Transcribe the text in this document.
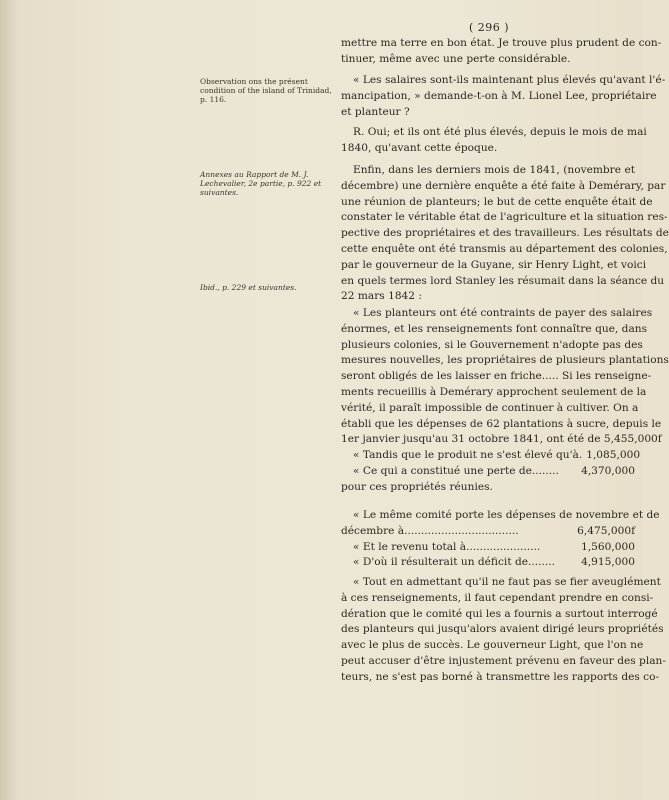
( 296 )
Observation ons the présent condition of the island of Trinidad, p. 116.
Annexes au Rapport de M. J. Lechevalier, 2e partie, p. 922 et suivantes.
Ibid., p. 229 et suivantes.
mettre ma terre en bon état. Je trouve plus prudent de con-
tinuer, même avec une perte considérable.
« Les salaires sont-ils maintenant plus élevés qu'avant l'é-
mancipation, » demande-t-on à M. Lionel Lee, propriétaire
et planteur ?
R. Oui; et ils ont été plus élevés, depuis le mois de mai
1840, qu'avant cette époque.
Enfin, dans les derniers mois de 1841, (novembre et
décembre) une dernière enquête a été faite à Demérary, par
une réunion de planteurs; le but de cette enquête était de
constater le véritable état de l'agriculture et la situation res-
pective des propriétaires et des travailleurs. Les résultats de
cette enquête ont été transmis au département des colonies,
par le gouverneur de la Guyane, sir Henry Light, et voici
en quels termes lord Stanley les résumait dans la séance du
22 mars 1842 :
« Les planteurs ont été contraints de payer des salaires
énormes, et les renseignements font connaître que, dans
plusieurs colonies, si le Gouvernement n'adopte pas des
mesures nouvelles, les propriétaires de plusieurs plantations
seront obligés de les laisser en friche..... Si les renseigne-
ments recueillis à Demérary approchent seulement de la
vérité, il paraît impossible de continuer à cultiver. On a
établi que les dépenses de 62 plantations à sucre, depuis le
1er janvier jusqu'au 31 octobre 1841, ont été de 5,455,000f
« Tandis que le produit ne s'est élevé qu'à. 1,085,000
« Ce qui a constitué une perte de........	4,370,000
pour ces propriétés réunies.
« Le même comité porte les dépenses de novembre et de
décembre à..................................	6,475,000f
« Et le revenu total à......................	1,560,000
« D'où il résulterait un déficit de........	4,915,000
« Tout en admettant qu'il ne faut pas se fier aveuglément
à ces renseignements, il faut cependant prendre en consi-
dération que le comité qui les a fournis a surtout interrogé
des planteurs qui jusqu'alors avaient dirigé leurs propriétés
avec le plus de succès. Le gouverneur Light, que l'on ne
peut accuser d'être injustement prévenu en faveur des plan-
teurs, ne s'est pas borné à transmettre les rapports des co-
